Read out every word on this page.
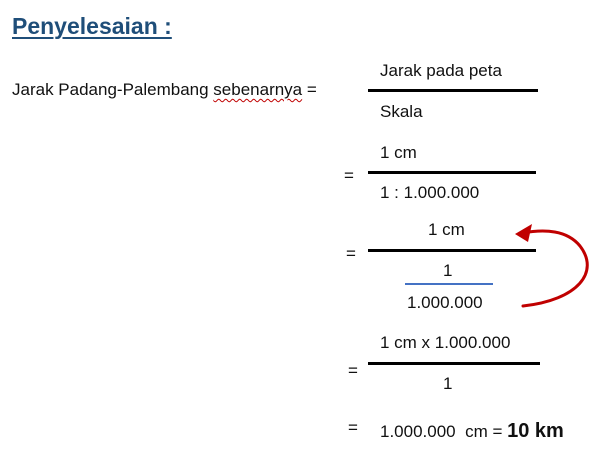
Penyelesaian :
Jarak Padang-Palembang sebenarnya =
Jarak pada peta
Skala
=
1 cm
1 : 1.000.000
=
1 cm
1
1.000.000
=
1 cm x 1.000.000
1
= 1.000.000  cm = 10 km
